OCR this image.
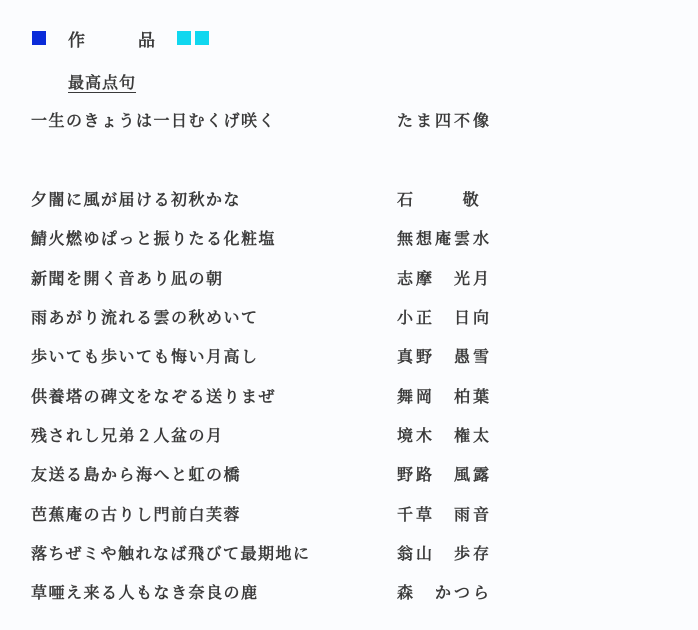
作　品
最高点句
一生のきょうは一日むくげ咲く	たま四不像
夕闇に風が届ける初秋かな	石　　 敬
鯖火燃ゆぱっと振りたる化粧塩	無想庵雲水
新聞を開く音あり凪の朝	志摩　光月
雨あがり流れる雲の秋めいて	小正　日向
歩いても歩いても悔い月高し	真野　愚雪
供養塔の碑文をなぞる送りまぜ	舞岡　柏葉
残されし兄弟２人盆の月	境木　権太
友送る島から海へと虹の橋	野路　風露
芭蕉庵の古りし門前白芙蓉	千草　雨音
落ちぜミや触れなば飛びて最期地に	翁山　歩存
草唖え来る人もなき奈良の鹿	森　かつら
